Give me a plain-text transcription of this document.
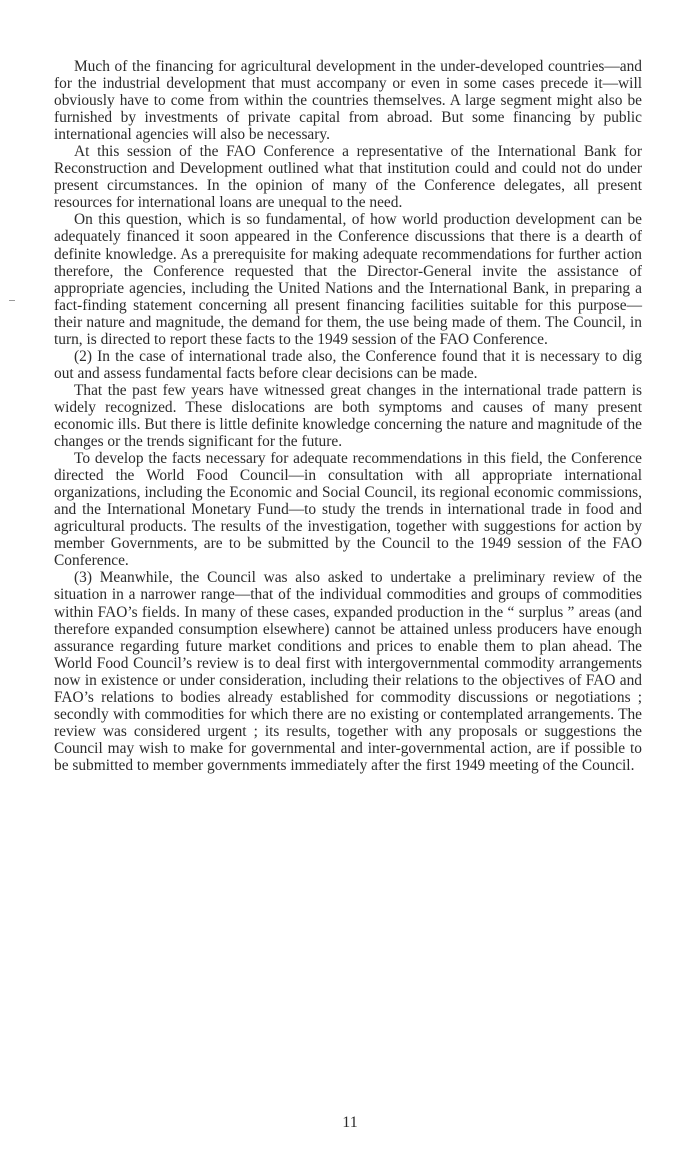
Much of the financing for agricultural development in the under-developed countries—and for the industrial development that must accompany or even in some cases precede it—will obviously have to come from within the countries themselves. A large segment might also be furnished by investments of private capital from abroad. But some financing by public international agencies will also be necessary.

At this session of the FAO Conference a representative of the International Bank for Reconstruction and Development outlined what that institution could and could not do under present circumstances. In the opinion of many of the Conference delegates, all present resources for international loans are unequal to the need.

On this question, which is so fundamental, of how world production development can be adequately financed it soon appeared in the Conference discussions that there is a dearth of definite knowledge. As a prerequisite for making adequate recommendations for further action therefore, the Conference requested that the Director-General invite the assistance of appropriate agencies, including the United Nations and the International Bank, in preparing a fact-finding statement concerning all present financing facilities suitable for this purpose—their nature and magnitude, the demand for them, the use being made of them. The Council, in turn, is directed to report these facts to the 1949 session of the FAO Conference.

(2) In the case of international trade also, the Conference found that it is necessary to dig out and assess fundamental facts before clear decisions can be made.

That the past few years have witnessed great changes in the international trade pattern is widely recognized. These dislocations are both symptoms and causes of many present economic ills. But there is little definite knowledge concerning the nature and magnitude of the changes or the trends significant for the future.

To develop the facts necessary for adequate recommendations in this field, the Conference directed the World Food Council—in consultation with all appropriate international organizations, including the Economic and Social Council, its regional economic commissions, and the International Monetary Fund—to study the trends in international trade in food and agricultural products. The results of the investigation, together with suggestions for action by member Governments, are to be submitted by the Council to the 1949 session of the FAO Conference.

(3) Meanwhile, the Council was also asked to undertake a preliminary review of the situation in a narrower range—that of the individual commodities and groups of commodities within FAO’s fields. In many of these cases, expanded production in the “ surplus ” areas (and therefore expanded consumption elsewhere) cannot be attained unless producers have enough assurance regarding future market conditions and prices to enable them to plan ahead. The World Food Council’s review is to deal first with intergovernmental commodity arrangements now in existence or under consideration, including their relations to the objectives of FAO and FAO’s relations to bodies already established for commodity discussions or negotiations ; secondly with commodities for which there are no existing or contemplated arrangements. The review was considered urgent ; its results, together with any proposals or suggestions the Council may wish to make for governmental and inter-governmental action, are if possible to be submitted to member governments immediately after the first 1949 meeting of the Council.

11
